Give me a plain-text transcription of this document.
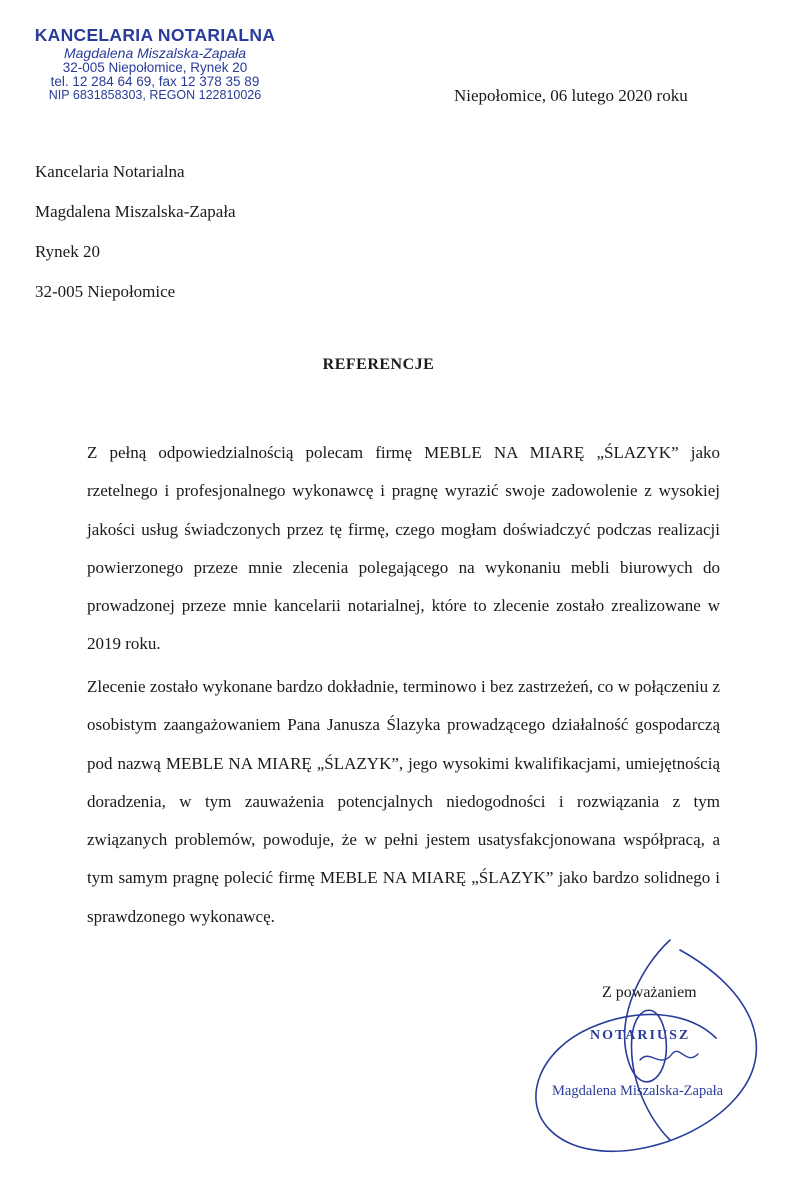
KANCELARIA NOTARIALNA
Magdalena Miszalska-Zapała
32-005 Niepołomice, Rynek 20
tel. 12 284 64 69, fax 12 378 35 89
NIP 6831858303, REGON 122810026	Niepołomice, 06 lutego 2020 roku
Kancelaria Notarialna
Magdalena Miszalska-Zapała
Rynek 20
32-005 Niepołomice
REFERENCJE

Z pełną odpowiedzialnością polecam firmę MEBLE NA MIARĘ „ŚLAZYK” jako rzetelnego i profesjonalnego wykonawcę i pragnę wyrazić swoje zadowolenie z wysokiej jakości usług świadczonych przez tę firmę, czego mogłam doświadczyć podczas realizacji powierzonego przeze mnie zlecenia polegającego na wykonaniu mebli biurowych do prowadzonej przeze mnie kancelarii notarialnej, które to zlecenie zostało zrealizowane w 2019 roku.

Zlecenie zostało wykonane bardzo dokładnie, terminowo i bez zastrzeżeń, co w połączeniu z osobistym zaangażowaniem Pana Janusza Ślazyka prowadzącego działalność gospodarczą pod nazwą MEBLE NA MIARĘ „ŚLAZYK”, jego wysokimi kwalifikacjami, umiejętnością doradzenia, w tym zauważenia potencjalnych niedogodności i rozwiązania z tym związanych problemów, powoduje, że w pełni jestem usatysfakcjonowana współpracą, a tym samym pragnę polecić firmę MEBLE NA MIARĘ „ŚLAZYK” jako bardzo solidnego i sprawdzonego wykonawcę.

Z poważaniem
NOTARIUSZ
Magdalena Miszalska-Zapała
